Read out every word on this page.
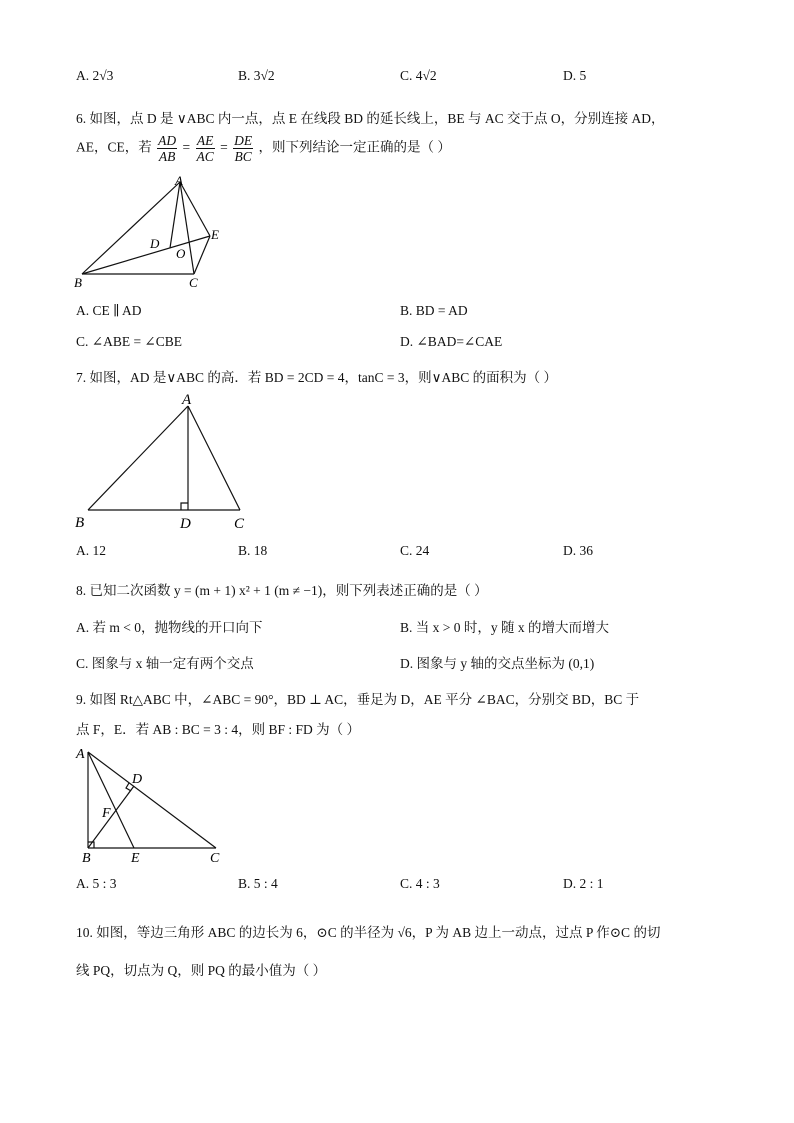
A. 2√3	B. 3√2	C. 4√2	D. 5
6. 如图，点 D 是 ∨ABC 内一点，点 E 在线段 BD 的延长线上，BE 与 AC 交于点 O，分别连接 AD，
AE，CE，若 $\frac{AD}{AB} = \frac{AE}{AC} = \frac{DE}{BC}$ ，则下列结论一定正确的是（ ）
A
B	C
D
E
O
A. CE ∥ AD	B. BD = AD
C. ∠ABE = ∠CBE	D. ∠BAD=∠CAE
7. 如图，AD 是∨ABC 的高．若 BD = 2CD = 4，tanC = 3，则∨ABC 的面积为（ ）
A
B	D	C
A. 12	B. 18	C. 24	D. 36
8. 已知二次函数 y = (m + 1) x² + 1 (m ≠ −1)，则下列表述正确的是（ ）
A. 若 m < 0，抛物线的开口向下	B. 当 x > 0 时，y 随 x 的增大而增大
C. 图象与 x 轴一定有两个交点	D. 图象与 y 轴的交点坐标为 (0,1)
9. 如图 Rt△ABC 中，∠ABC = 90°，BD ⊥ AC，垂足为 D，AE 平分 ∠BAC，分别交 BD，BC 于
点 F，E．若 AB : BC = 3 : 4，则 BF : FD 为（ ）
A
D
F
B	E	C
A. 5 : 3	B. 5 : 4	C. 4 : 3	D. 2 : 1
10. 如图，等边三角形 ABC 的边长为 6，⊙C 的半径为 √6，P 为 AB 边上一动点，过点 P 作⊙C 的切
线 PQ，切点为 Q，则 PQ 的最小值为（ ）
